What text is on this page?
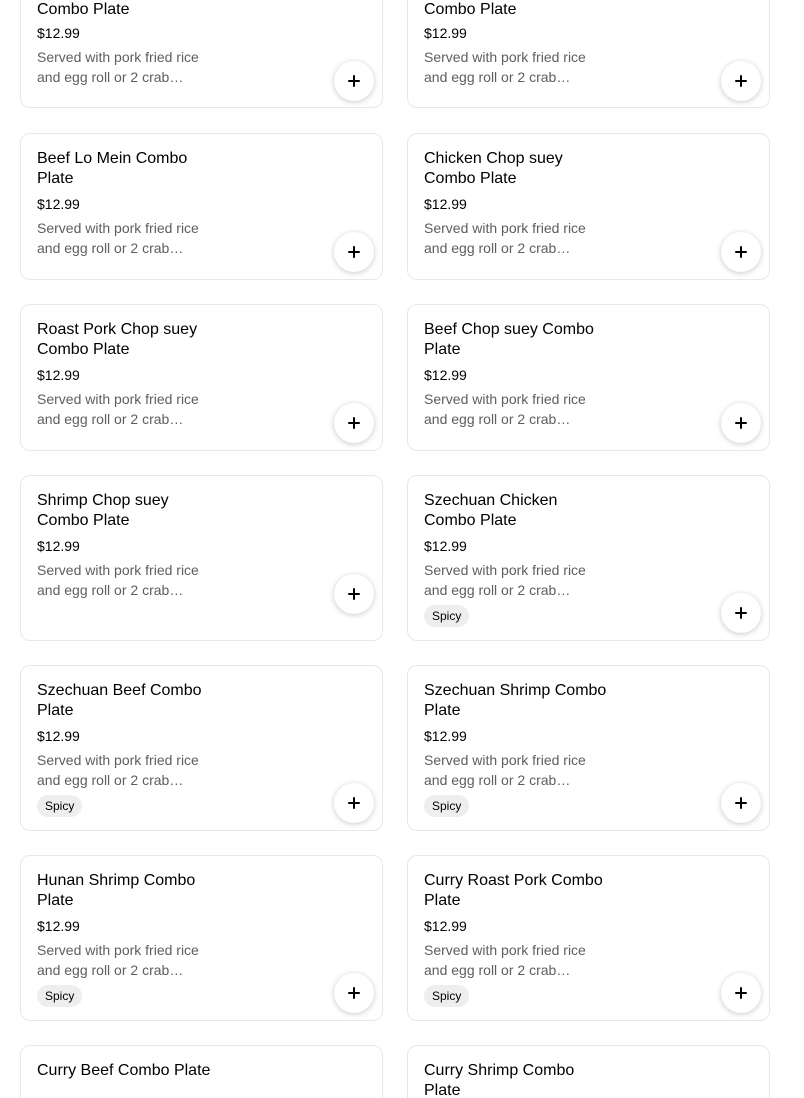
Combo Plate
$12.99
Served with pork fried rice and egg roll or 2 crab
Combo Plate
$12.99
Served with pork fried rice and egg roll or 2 crab
Beef Lo Mein Combo Plate
$12.99
Served with pork fried rice and egg roll or 2 crab
Chicken Chop suey Combo Plate
$12.99
Served with pork fried rice and egg roll or 2 crab
Roast Pork Chop suey Combo Plate
$12.99
Served with pork fried rice and egg roll or 2 crab
Beef Chop suey Combo Plate
$12.99
Served with pork fried rice and egg roll or 2 crab
Shrimp Chop suey Combo Plate
$12.99
Served with pork fried rice and egg roll or 2 crab
Szechuan Chicken Combo Plate
$12.99
Served with pork fried rice and egg roll or 2 crab
Spicy
Szechuan Beef Combo Plate
$12.99
Served with pork fried rice and egg roll or 2 crab
Spicy
Szechuan Shrimp Combo Plate
$12.99
Served with pork fried rice and egg roll or 2 crab
Spicy
Hunan Shrimp Combo Plate
$12.99
Served with pork fried rice and egg roll or 2 crab
Spicy
Curry Roast Pork Combo Plate
$12.99
Served with pork fried rice and egg roll or 2 crab
Spicy
Curry Beef Combo Plate	Curry Shrimp Combo Plate
